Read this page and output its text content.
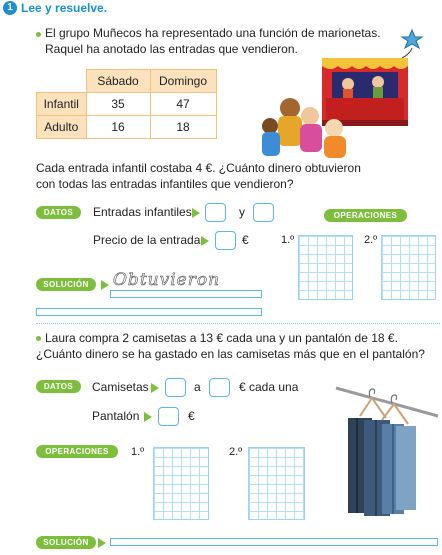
1 Lee y resuelve.
El grupo Muñecos ha representado una función de marionetas.
Raquel ha anotado las entradas que vendieron.
	Sábado	Domingo
Infantil	35	47
Adulto	16	18
Cada entrada infantil costaba 4 €. ¿Cuánto dinero obtuvieron
con todas las entradas infantiles que vendieron?
DATOS	Entradas infantiles	y
Precio de la entrada	€
OPERACIONES
1.º	2.º
SOLUCIÓN	Obtuvieron
Laura compra 2 camisetas a 13 € cada una y un pantalón de 18 €.
¿Cuánto dinero se ha gastado en las camisetas más que en el pantalón?
DATOS	Camisetas	a	€ cada una
Pantalón	€
OPERACIONES	1.º	2.º
SOLUCIÓN
